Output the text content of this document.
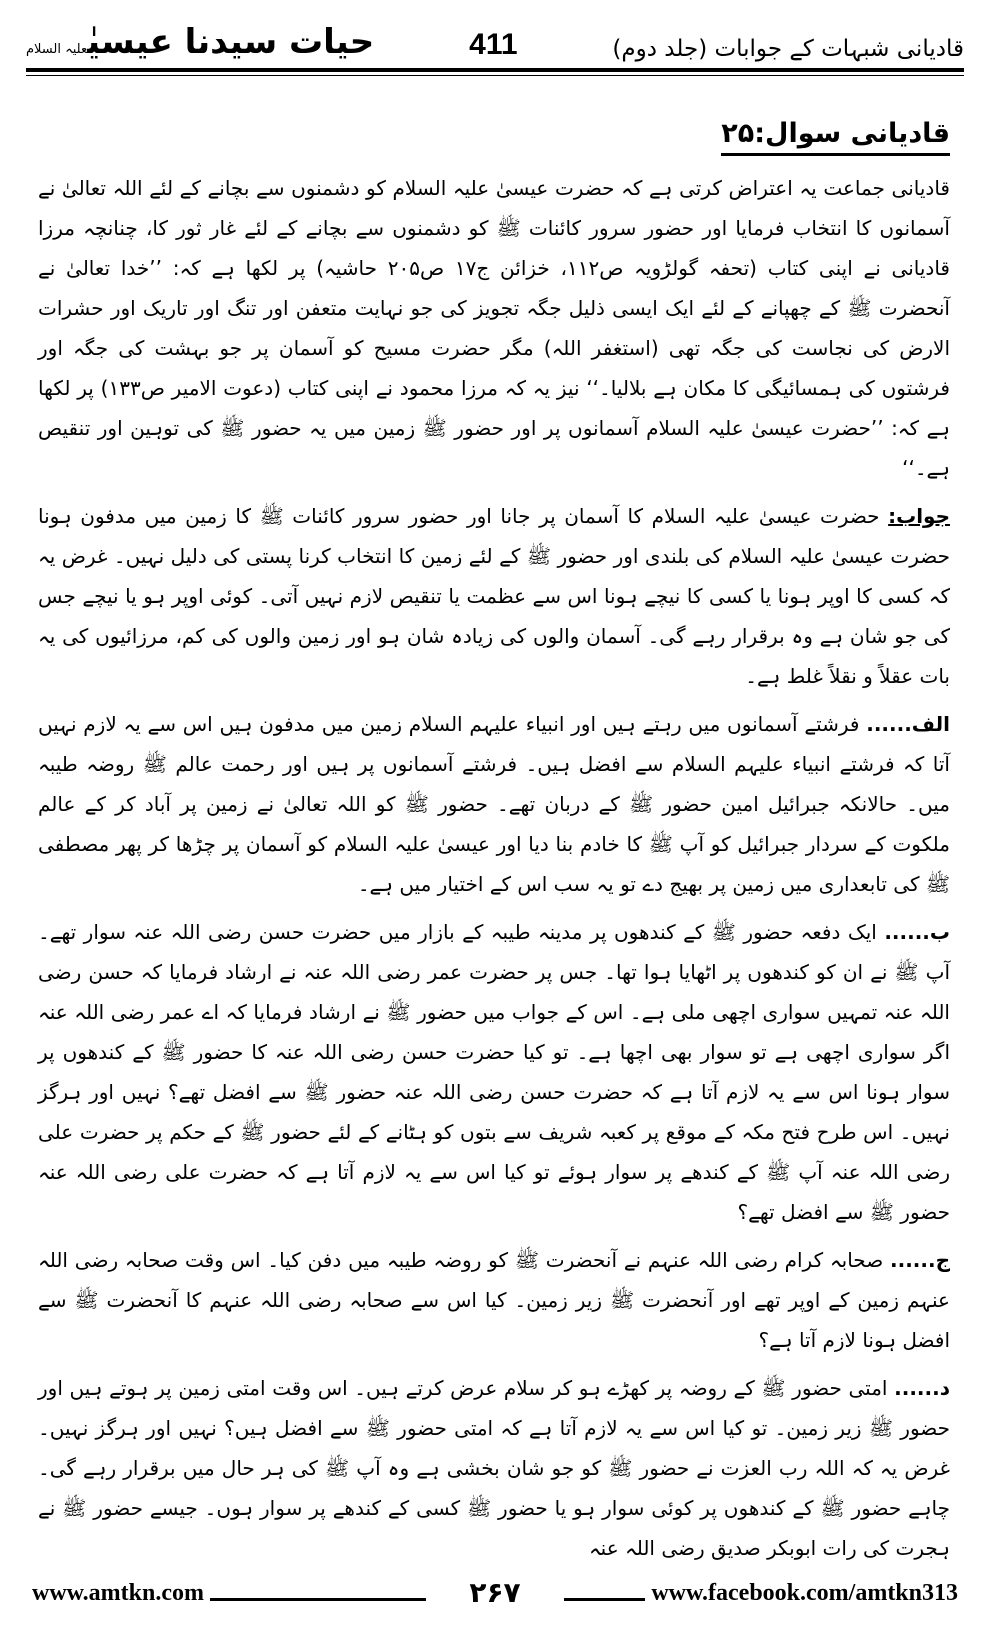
حیات سیدنا عیسیٰعلیہ السلام	411	قادیانی شبہات کے جوابات (جلد دوم)
قادیانی سوال:۲۵

قادیانی جماعت یہ اعتراض کرتی ہے کہ حضرت عیسیٰ علیہ السلام کو دشمنوں سے بچانے کے لئے اللہ تعالیٰ نے آسمانوں کا انتخاب فرمایا اور حضور سرور کائنات ﷺ کو دشمنوں سے بچانے کے لئے غار ثور کا، چنانچہ مرزا قادیانی نے اپنی کتاب (تحفہ گولڑویہ ص۱۱۲، خزائن ج۱۷ ص۲۰۵ حاشیہ) پر لکھا ہے کہ: ’’خدا تعالیٰ نے آنحضرت ﷺ کے چھپانے کے لئے ایک ایسی ذلیل جگہ تجویز کی جو نہایت متعفن اور تنگ اور تاریک اور حشرات الارض کی نجاست کی جگہ تھی (استغفر اللہ) مگر حضرت مسیح کو آسمان پر جو بہشت کی جگہ اور فرشتوں کی ہمسائیگی کا مکان ہے بلالیا۔‘‘ نیز یہ کہ مرزا محمود نے اپنی کتاب (دعوت الامیر ص۱۳۳) پر لکھا ہے کہ: ’’حضرت عیسیٰ علیہ السلام آسمانوں پر اور حضور ﷺ زمین میں یہ حضور ﷺ کی توہین اور تنقیص ہے۔‘‘

جواب: حضرت عیسیٰ علیہ السلام کا آسمان پر جانا اور حضور سرور کائنات ﷺ کا زمین میں مدفون ہونا حضرت عیسیٰ علیہ السلام کی بلندی اور حضور ﷺ کے لئے زمین کا انتخاب کرنا پستی کی دلیل نہیں۔ غرض یہ کہ کسی کا اوپر ہونا یا کسی کا نیچے ہونا اس سے عظمت یا تنقیص لازم نہیں آتی۔ کوئی اوپر ہو یا نیچے جس کی جو شان ہے وہ برقرار رہے گی۔ آسمان والوں کی زیادہ شان ہو اور زمین والوں کی کم، مرزائیوں کی یہ بات عقلاً و نقلاً غلط ہے۔

الف...... فرشتے آسمانوں میں رہتے ہیں اور انبیاء علیہم السلام زمین میں مدفون ہیں اس سے یہ لازم نہیں آتا کہ فرشتے انبیاء علیہم السلام سے افضل ہیں۔ فرشتے آسمانوں پر ہیں اور رحمت عالم ﷺ روضہ طیبہ میں۔ حالانکہ جبرائیل امین حضور ﷺ کے دربان تھے۔ حضور ﷺ کو اللہ تعالیٰ نے زمین پر آباد کر کے عالم ملکوت کے سردار جبرائیل کو آپ ﷺ کا خادم بنا دیا اور عیسیٰ علیہ السلام کو آسمان پر چڑھا کر پھر مصطفی ﷺ کی تابعداری میں زمین پر بھیج دے تو یہ سب اس کے اختیار میں ہے۔

ب...... ایک دفعہ حضور ﷺ کے کندھوں پر مدینہ طیبہ کے بازار میں حضرت حسن رضی اللہ عنہ سوار تھے۔ آپ ﷺ نے ان کو کندھوں پر اٹھایا ہوا تھا۔ جس پر حضرت عمر رضی اللہ عنہ نے ارشاد فرمایا کہ حسن رضی اللہ عنہ تمہیں سواری اچھی ملی ہے۔ اس کے جواب میں حضور ﷺ نے ارشاد فرمایا کہ اے عمر رضی اللہ عنہ اگر سواری اچھی ہے تو سوار بھی اچھا ہے۔ تو کیا حضرت حسن رضی اللہ عنہ کا حضور ﷺ کے کندھوں پر سوار ہونا اس سے یہ لازم آتا ہے کہ حضرت حسن رضی اللہ عنہ حضور ﷺ سے افضل تھے؟ نہیں اور ہرگز نہیں۔ اس طرح فتح مکہ کے موقع پر کعبہ شریف سے بتوں کو ہٹانے کے لئے حضور ﷺ کے حکم پر حضرت علی رضی اللہ عنہ آپ ﷺ کے کندھے پر سوار ہوئے تو کیا اس سے یہ لازم آتا ہے کہ حضرت علی رضی اللہ عنہ حضور ﷺ سے افضل تھے؟

ج...... صحابہ کرام رضی اللہ عنہم نے آنحضرت ﷺ کو روضہ طیبہ میں دفن کیا۔ اس وقت صحابہ رضی اللہ عنہم زمین کے اوپر تھے اور آنحضرت ﷺ زیر زمین۔ کیا اس سے صحابہ رضی اللہ عنہم کا آنحضرت ﷺ سے افضل ہونا لازم آتا ہے؟

د...... امتی حضور ﷺ کے روضہ پر کھڑے ہو کر سلام عرض کرتے ہیں۔ اس وقت امتی زمین پر ہوتے ہیں اور حضور ﷺ زیر زمین۔ تو کیا اس سے یہ لازم آتا ہے کہ امتی حضور ﷺ سے افضل ہیں؟ نہیں اور ہرگز نہیں۔ غرض یہ کہ اللہ رب العزت نے حضور ﷺ کو جو شان بخشی ہے وہ آپ ﷺ کی ہر حال میں برقرار رہے گی۔ چاہے حضور ﷺ کے کندھوں پر کوئی سوار ہو یا حضور ﷺ کسی کے کندھے پر سوار ہوں۔ جیسے حضور ﷺ نے ہجرت کی رات ابوبکر صدیق رضی اللہ عنہ

www.amtkn.com	۲۶۷	www.facebook.com/amtkn313
